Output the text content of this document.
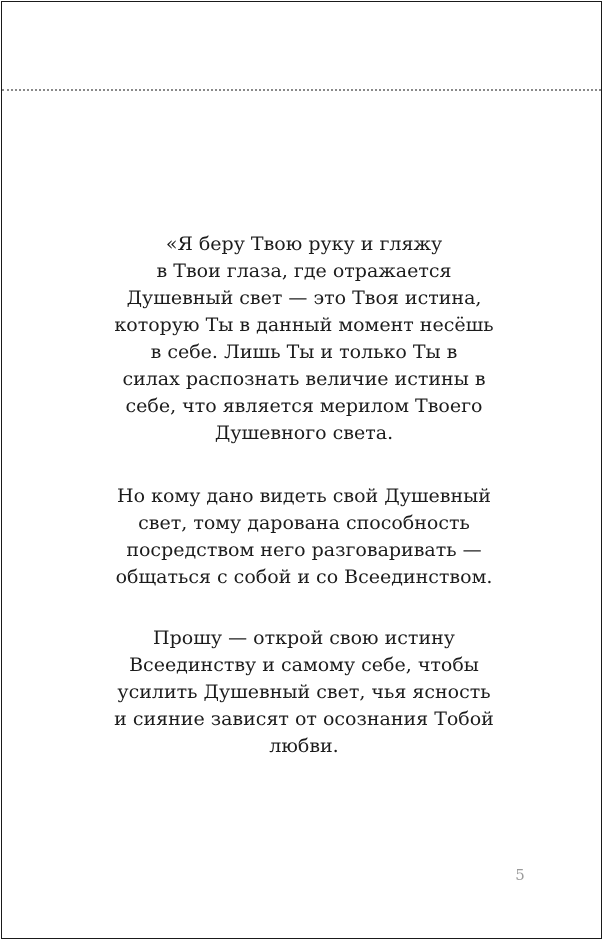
«Я беру Твою руку и гляжу
в Твои глаза, где отражается
Душевный свет — это Твоя истина,
которую Ты в данный момент несёшь
в себе. Лишь Ты и только Ты в
силах распознать величие истины в
себе, что является мерилом Твоего
Душевного света.
Но кому дано видеть свой Душевный
свет, тому дарована способность
посредством него разговаривать —
общаться с собой и со Всеединством.
Прошу — открой свою истину
Всеединству и самому себе, чтобы
усилить Душевный свет, чья ясность
и сияние зависят от осознания Тобой
любви.
5
